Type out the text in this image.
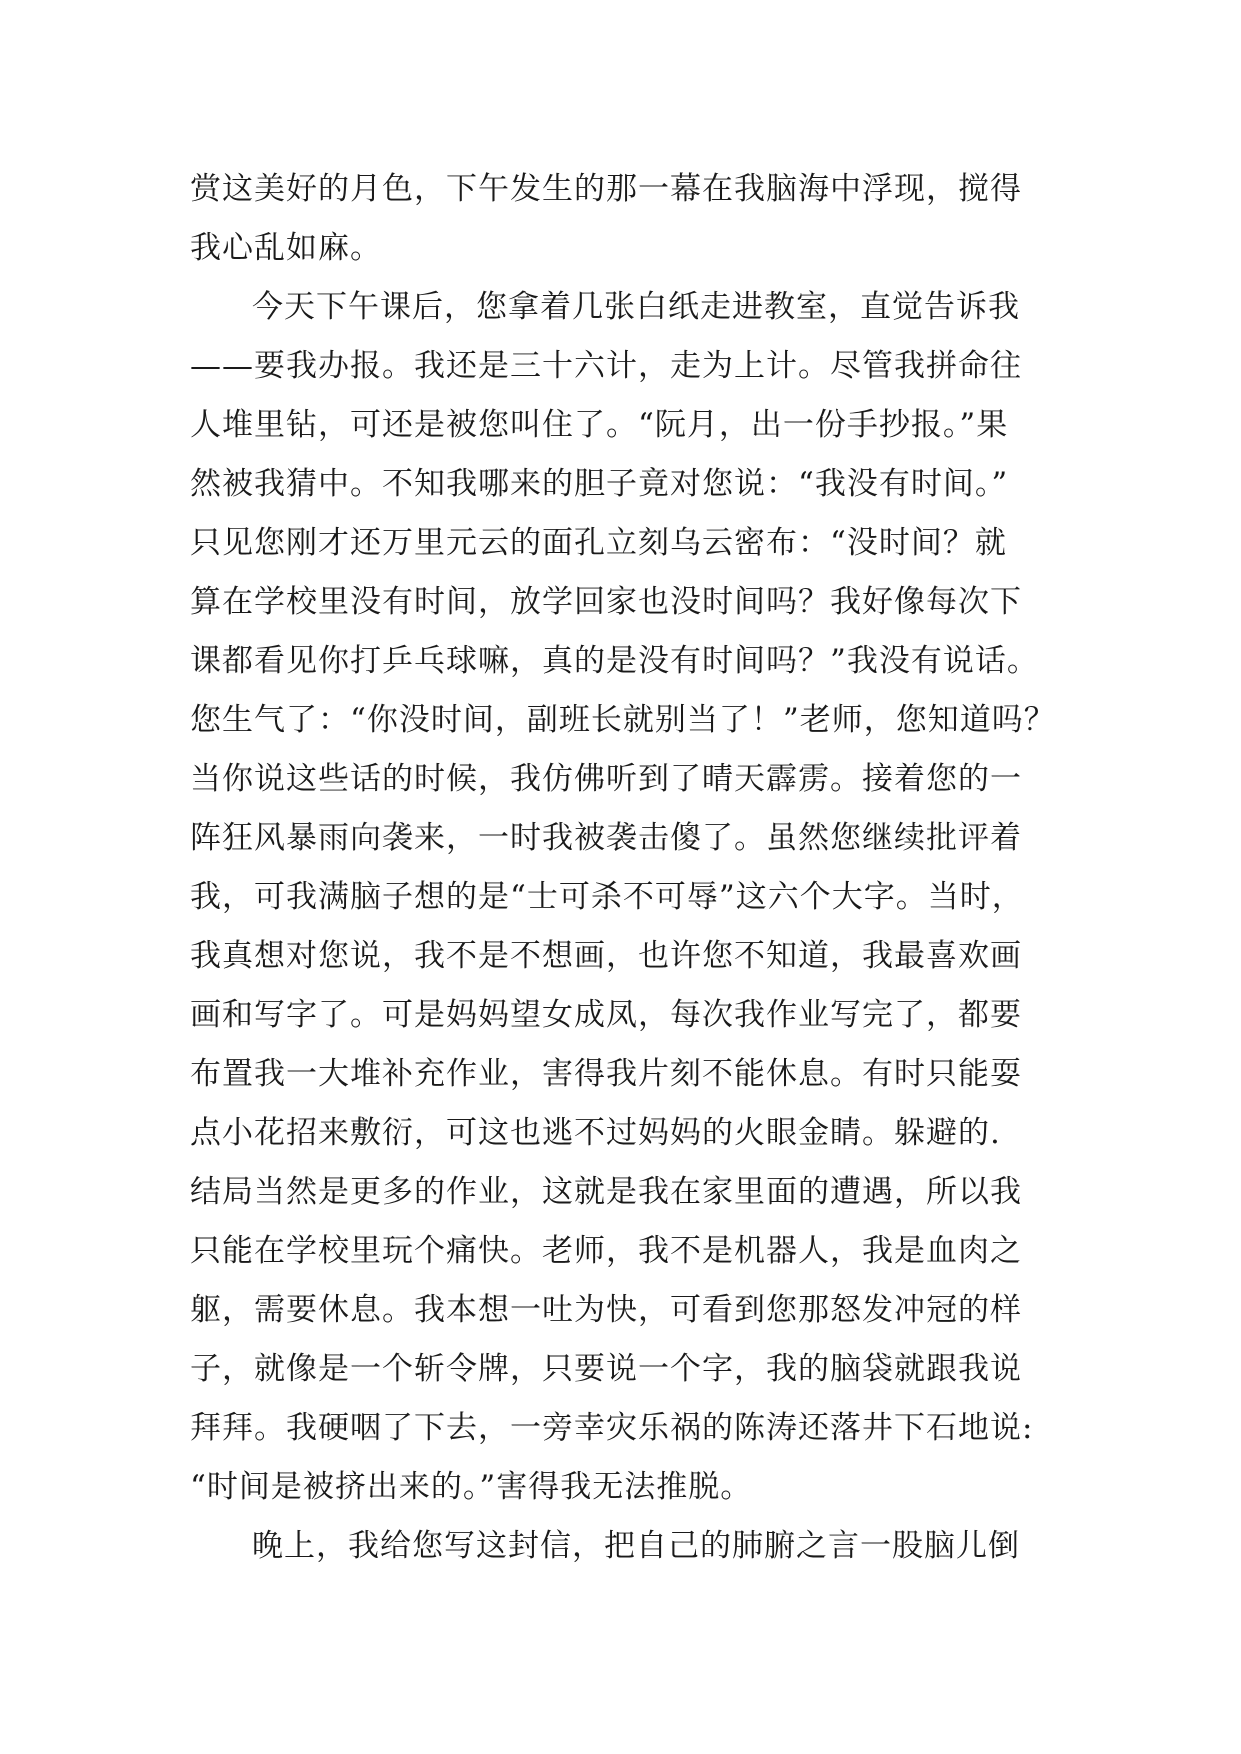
赏这美好的月色，下午发生的那一幕在我脑海中浮现，搅得
我心乱如麻。
今天下午课后，您拿着几张白纸走进教室，直觉告诉我
——要我办报。我还是三十六计，走为上计。尽管我拼命往
人堆里钻，可还是被您叫住了。“阮月，出一份手抄报。”果
然被我猜中。不知我哪来的胆子竟对您说：“我没有时间。”
只见您刚才还万里元云的面孔立刻乌云密布：“没时间？就
算在学校里没有时间，放学回家也没时间吗？我好像每次下
课都看见你打乒乓球嘛，真的是没有时间吗？”我没有说话。
您生气了：“你没时间，副班长就别当了！”老师，您知道吗？
当你说这些话的时候，我仿佛听到了晴天霹雳。接着您的一
阵狂风暴雨向袭来，一时我被袭击傻了。虽然您继续批评着
我，可我满脑子想的是“士可杀不可辱”这六个大字。当时，
我真想对您说，我不是不想画，也许您不知道，我最喜欢画
画和写字了。可是妈妈望女成凤，每次我作业写完了，都要
布置我一大堆补充作业，害得我片刻不能休息。有时只能耍
点小花招来敷衍，可这也逃不过妈妈的火眼金睛。躲避的.
结局当然是更多的作业，这就是我在家里面的遭遇，所以我
只能在学校里玩个痛快。老师，我不是机器人，我是血肉之
躯，需要休息。我本想一吐为快，可看到您那怒发冲冠的样
子，就像是一个斩令牌，只要说一个字，我的脑袋就跟我说
拜拜。我硬咽了下去，一旁幸灾乐祸的陈涛还落井下石地说:
“时间是被挤出来的。”害得我无法推脱。
晚上，我给您写这封信，把自己的肺腑之言一股脑儿倒
